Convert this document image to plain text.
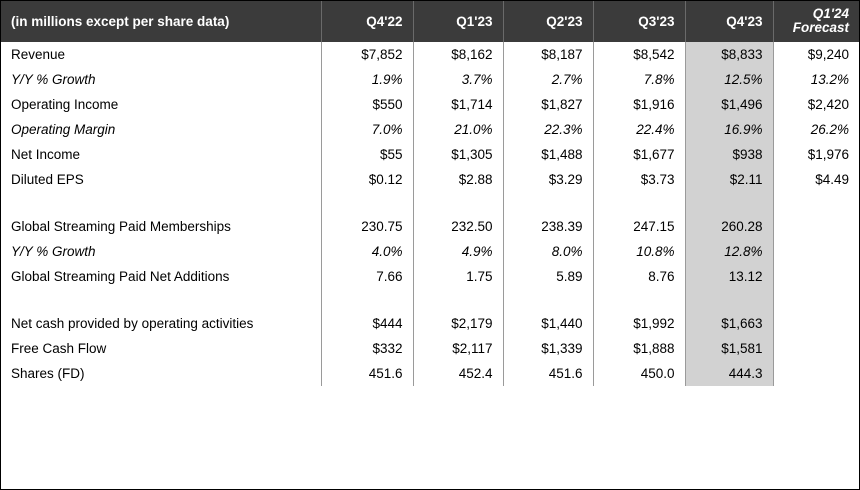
(in millions except per share data)	Q4'22	Q1'23	Q2'23	Q3'23	Q4'23	Q1'24
Forecast

Revenue	$7,852	$8,162	$8,187	$8,542	$8,833	$9,240
Y/Y % Growth	1.9%	3.7%	2.7%	7.8%	12.5%	13.2%
Operating Income	$550	$1,714	$1,827	$1,916	$1,496	$2,420
Operating Margin	7.0%	21.0%	22.3%	22.4%	16.9%	26.2%
Net Income	$55	$1,305	$1,488	$1,677	$938	$1,976
Diluted EPS	$0.12	$2.88	$3.29	$3.73	$2.11	$4.49

Global Streaming Paid Memberships	230.75	232.50	238.39	247.15	260.28	
Y/Y % Growth	4.0%	4.9%	8.0%	10.8%	12.8%	
Global Streaming Paid Net Additions	7.66	1.75	5.89	8.76	13.12	

Net cash provided by operating activities	$444	$2,179	$1,440	$1,992	$1,663	
Free Cash Flow	$332	$2,117	$1,339	$1,888	$1,581	
Shares (FD)	451.6	452.4	451.6	450.0	444.3	
